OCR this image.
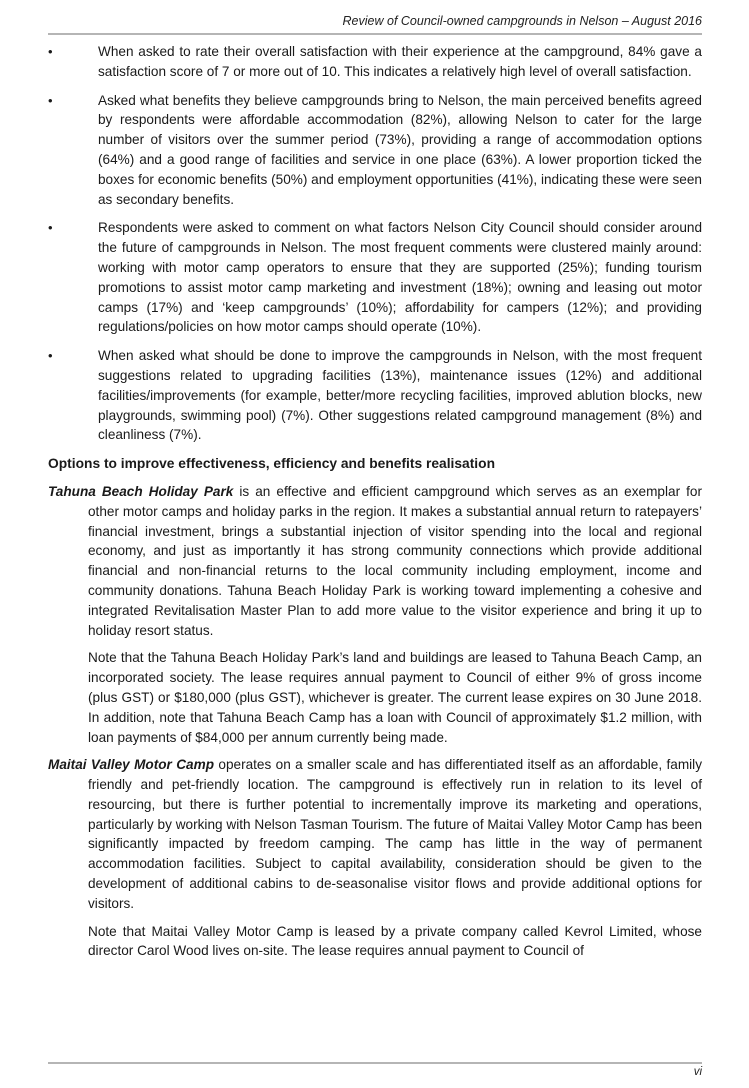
Review of Council-owned campgrounds in Nelson – August 2016

•	When asked to rate their overall satisfaction with their experience at the campground, 84% gave a satisfaction score of 7 or more out of 10. This indicates a relatively high level of overall satisfaction.

•	Asked what benefits they believe campgrounds bring to Nelson, the main perceived benefits agreed by respondents were affordable accommodation (82%), allowing Nelson to cater for the large number of visitors over the summer period (73%), providing a range of accommodation options (64%) and a good range of facilities and service in one place (63%). A lower proportion ticked the boxes for economic benefits (50%) and employment opportunities (41%), indicating these were seen as secondary benefits.

•	Respondents were asked to comment on what factors Nelson City Council should consider around the future of campgrounds in Nelson. The most frequent comments were clustered mainly around: working with motor camp operators to ensure that they are supported (25%); funding tourism promotions to assist motor camp marketing and investment (18%); owning and leasing out motor camps (17%) and ‘keep campgrounds’ (10%); affordability for campers (12%); and providing regulations/policies on how motor camps should operate (10%).

•	When asked what should be done to improve the campgrounds in Nelson, with the most frequent suggestions related to upgrading facilities (13%), maintenance issues (12%) and additional facilities/improvements (for example, better/more recycling facilities, improved ablution blocks, new playgrounds, swimming pool) (7%). Other suggestions related campground management (8%) and cleanliness (7%).

Options to improve effectiveness, efficiency and benefits realisation

Tahuna Beach Holiday Park is an effective and efficient campground which serves as an exemplar for other motor camps and holiday parks in the region. It makes a substantial annual return to ratepayers’ financial investment, brings a substantial injection of visitor spending into the local and regional economy, and just as importantly it has strong community connections which provide additional financial and non-financial returns to the local community including employment, income and community donations. Tahuna Beach Holiday Park is working toward implementing a cohesive and integrated Revitalisation Master Plan to add more value to the visitor experience and bring it up to holiday resort status.

Note that the Tahuna Beach Holiday Park’s land and buildings are leased to Tahuna Beach Camp, an incorporated society. The lease requires annual payment to Council of either 9% of gross income (plus GST) or $180,000 (plus GST), whichever is greater. The current lease expires on 30 June 2018. In addition, note that Tahuna Beach Camp has a loan with Council of approximately $1.2 million, with loan payments of $84,000 per annum currently being made.

Maitai Valley Motor Camp operates on a smaller scale and has differentiated itself as an affordable, family friendly and pet-friendly location. The campground is effectively run in relation to its level of resourcing, but there is further potential to incrementally improve its marketing and operations, particularly by working with Nelson Tasman Tourism. The future of Maitai Valley Motor Camp has been significantly impacted by freedom camping. The camp has little in the way of permanent accommodation facilities. Subject to capital availability, consideration should be given to the development of additional cabins to de-seasonalise visitor flows and provide additional options for visitors.

Note that Maitai Valley Motor Camp is leased by a private company called Kevrol Limited, whose director Carol Wood lives on-site. The lease requires annual payment to Council of

vi
